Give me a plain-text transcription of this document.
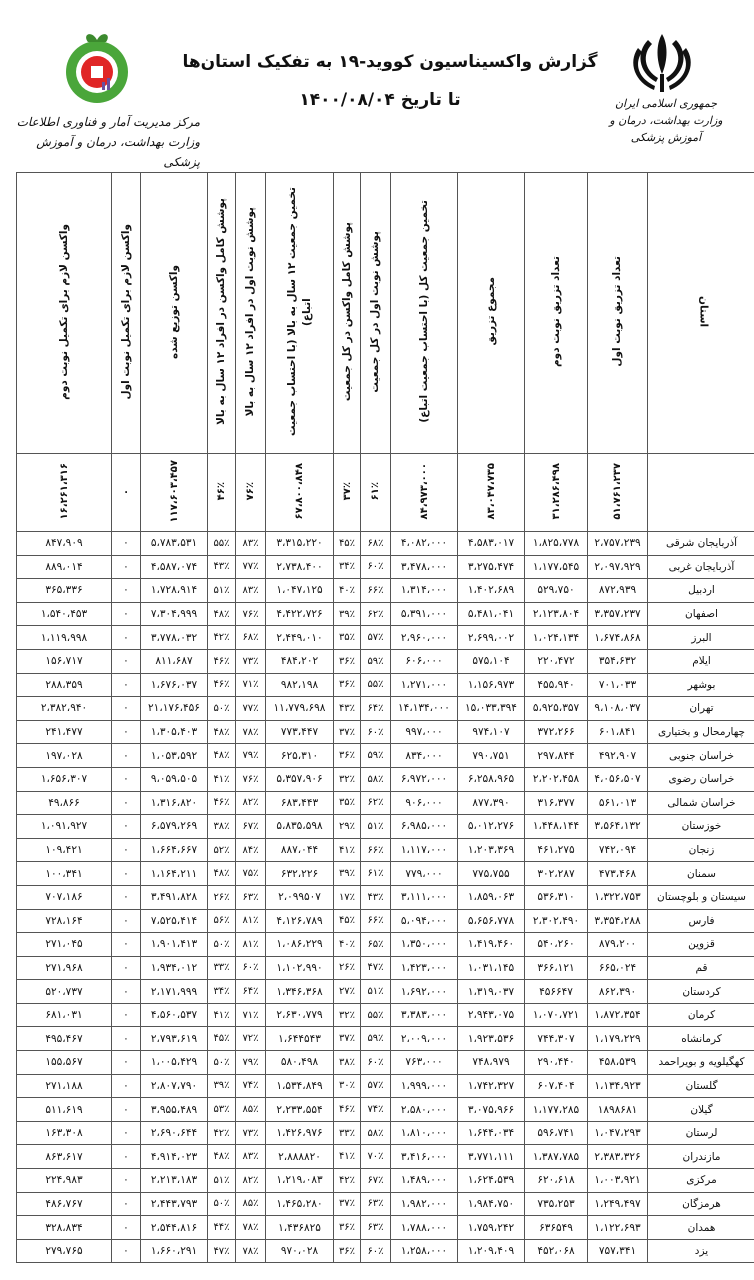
جمهوری اسلامی ایران
وزارت بهداشت، درمان و آموزش پزشکی
مرکز مدیریت آمار و فناوری اطلاعات
وزارت بهداشت، درمان و آموزش پزشکی
گزارش واکسیناسیون کووید-۱۹ به تفکیک استان‌ها
تا تاریخ ۱۴۰۰/۰۸/۰۴
استان	تعداد تزریق نوبت اول	تعداد تزریق نوبت دوم	مجموع تزریق	تخمین جمعیت کل (با احتساب جمعیت اتباع)	پوشش نوبت اول در کل جمعیت	پوشش کامل واکسن در کل جمعیت	تخمین جمعیت ۱۲ سال به بالا (با احتساب جمعیت اتباع)	پوشش نوبت اول در افراد ۱۲ سال به بالا	پوشش کامل واکسن در افراد ۱۲ سال به بالا	واکسن توزیع شده	واکسن لازم برای تکمیل نوبت اول	واکسن لازم برای تکمیل نوبت دوم
	۵۱،۷۶۱،۲۳۷	۳۱،۲۸۶،۴۹۸	۸۳،۰۴۷،۷۳۵	۸۴،۹۷۳،۰۰۰	۶۱٪	۳۷٪	۶۷،۸۰۰،۸۴۸	۷۶٪	۴۶٪	۱۱۷،۶۰۳،۴۵۷	۰	۱۶،۲۶۱،۳۱۶
آذربایجان شرقی	۲،۷۵۷،۲۳۹	۱،۸۲۵،۷۷۸	۴،۵۸۳،۰۱۷	۴،۰۸۲،۰۰۰	۶۸٪	۴۵٪	۳،۳۱۵،۲۲۰	۸۳٪	۵۵٪	۵،۷۸۳،۵۳۱	۰	۸۴۷،۹۰۹
آذربایجان غربی	۲،۰۹۷،۹۲۹	۱،۱۷۷،۵۴۵	۳،۲۷۵،۴۷۴	۳،۴۷۸،۰۰۰	۶۰٪	۳۴٪	۲،۷۳۸،۴۰۰	۷۷٪	۴۳٪	۴،۵۸۷،۰۷۴	۰	۸۸۹،۰۱۴
اردبیل	۸۷۲،۹۳۹	۵۲۹،۷۵۰	۱،۴۰۲،۶۸۹	۱،۳۱۴،۰۰۰	۶۶٪	۴۰٪	۱،۰۴۷،۱۲۵	۸۳٪	۵۱٪	۱،۷۲۸،۹۱۴	۰	۳۶۵،۳۳۶
اصفهان	۳،۳۵۷،۲۳۷	۲،۱۲۳،۸۰۴	۵،۴۸۱،۰۴۱	۵،۳۹۱،۰۰۰	۶۲٪	۳۹٪	۴،۴۲۲،۷۲۶	۷۶٪	۴۸٪	۷،۳۰۴،۹۹۹	۰	۱،۵۴۰،۴۵۳
البرز	۱،۶۷۴،۸۶۸	۱،۰۲۴،۱۳۴	۲،۶۹۹،۰۰۲	۲،۹۶۰،۰۰۰	۵۷٪	۳۵٪	۲،۴۴۹،۰۱۰	۶۸٪	۴۲٪	۳،۷۷۸،۰۳۲	۰	۱،۱۱۹،۹۹۸
ایلام	۳۵۴،۶۳۲	۲۲۰،۴۷۲	۵۷۵،۱۰۴	۶۰۶،۰۰۰	۵۹٪	۳۶٪	۴۸۴،۲۰۲	۷۳٪	۴۶٪	۸۱۱،۶۸۷	۰	۱۵۶،۷۱۷
بوشهر	۷۰۱،۰۳۳	۴۵۵،۹۴۰	۱،۱۵۶،۹۷۳	۱،۲۷۱،۰۰۰	۵۵٪	۳۶٪	۹۸۲،۱۹۸	۷۱٪	۴۶٪	۱،۶۷۶،۰۳۷	۰	۲۸۸،۳۵۹
تهران	۹،۱۰۸،۰۳۷	۵،۹۲۵،۳۵۷	۱۵،۰۳۳،۳۹۴	۱۴،۱۳۴،۰۰۰	۶۴٪	۴۳٪	۱۱،۷۷۹،۶۹۸	۷۷٪	۵۰٪	۲۱،۱۷۶،۴۵۶	۰	۲،۳۸۲،۹۴۰
چهارمحال و بختیاری	۶۰۱،۸۴۱	۳۷۲،۲۶۶	۹۷۴،۱۰۷	۹۹۷،۰۰۰	۶۰٪	۳۷٪	۷۷۳،۴۴۷	۷۸٪	۴۸٪	۱،۳۰۵،۴۰۳	۰	۲۴۱،۴۷۷
خراسان جنوبی	۴۹۲،۹۰۷	۲۹۷،۸۴۴	۷۹۰،۷۵۱	۸۳۴،۰۰۰	۵۹٪	۳۶٪	۶۲۵،۳۱۰	۷۹٪	۴۸٪	۱،۰۵۳،۵۹۲	۰	۱۹۷،۰۲۸
خراسان رضوی	۴،۰۵۶،۵۰۷	۲،۲۰۲،۴۵۸	۶،۲۵۸،۹۶۵	۶،۹۷۲،۰۰۰	۵۸٪	۳۲٪	۵،۳۵۷،۹۰۶	۷۶٪	۴۱٪	۹،۰۵۹،۵۰۵	۰	۱،۶۵۶،۳۰۷
خراسان شمالی	۵۶۱،۰۱۳	۳۱۶،۳۷۷	۸۷۷،۳۹۰	۹۰۶،۰۰۰	۶۲٪	۳۵٪	۶۸۳،۴۴۳	۸۲٪	۴۶٪	۱،۳۱۶،۸۲۰	۰	۴۹،۸۶۶
خوزستان	۳،۵۶۴،۱۳۲	۱،۴۴۸،۱۴۴	۵،۰۱۲،۲۷۶	۶،۹۸۵،۰۰۰	۵۱٪	۲۹٪	۵،۸۳۵،۵۹۸	۶۷٪	۳۸٪	۶،۵۷۹،۲۶۹	۰	۱،۰۹۱،۹۲۷
زنجان	۷۴۲،۰۹۴	۴۶۱،۲۷۵	۱،۲۰۳،۳۶۹	۱،۱۱۷،۰۰۰	۶۶٪	۴۱٪	۸۸۷،۰۴۴	۸۴٪	۵۲٪	۱،۶۶۴،۶۶۷	۰	۱۰۹،۴۲۱
سمنان	۴۷۳،۴۶۸	۳۰۲،۲۸۷	۷۷۵،۷۵۵	۷۷۹،۰۰۰	۶۱٪	۳۹٪	۶۳۲،۲۲۶	۷۵٪	۴۸٪	۱،۱۶۴،۲۱۱	۰	۱۰۰،۳۴۱
سیستان و بلوچستان	۱،۳۲۲،۷۵۳	۵۳۶،۳۱۰	۱،۸۵۹،۰۶۳	۳،۱۱۱،۰۰۰	۴۳٪	۱۷٪	۲،۰۹۹۵۰۷	۶۳٪	۲۶٪	۳،۴۹۱،۸۲۸	۰	۷۰۷،۱۸۶
فارس	۳،۳۵۴،۲۸۸	۲،۳۰۲،۴۹۰	۵،۶۵۶،۷۷۸	۵،۰۹۴،۰۰۰	۶۶٪	۴۵٪	۴،۱۲۶،۷۸۹	۸۱٪	۵۶٪	۷،۵۲۵،۴۱۴	۰	۷۲۸،۱۶۴
قزوین	۸۷۹،۲۰۰	۵۴۰،۲۶۰	۱،۴۱۹،۴۶۰	۱،۳۵۰،۰۰۰	۶۵٪	۴۰٪	۱،۰۸۶،۲۲۹	۸۱٪	۵۰٪	۱،۹۰۱،۴۱۳	۰	۲۷۱،۰۴۵
قم	۶۶۵،۰۲۴	۳۶۶،۱۲۱	۱،۰۳۱،۱۴۵	۱،۴۲۳،۰۰۰	۴۷٪	۲۶٪	۱،۱۰۲،۹۹۰	۶۰٪	۳۳٪	۱،۹۳۴،۰۱۲	۰	۲۷۱،۹۶۸
کردستان	۸۶۲،۳۹۰	۴۵۶۶۴۷	۱،۳۱۹،۰۳۷	۱،۶۹۲،۰۰۰	۵۱٪	۲۷٪	۱،۳۴۶،۳۶۸	۶۴٪	۳۴٪	۲،۱۷۱،۹۹۹	۰	۵۲۰،۷۳۷
کرمان	۱،۸۷۲،۳۵۴	۱،۰۷۰،۷۲۱	۲،۹۴۳،۰۷۵	۳،۳۸۳،۰۰۰	۵۵٪	۳۲٪	۲،۶۳۰،۷۷۹	۷۱٪	۴۱٪	۴،۵۶۰،۵۳۷	۰	۶۸۱،۰۳۱
کرمانشاه	۱،۱۷۹،۲۲۹	۷۴۴،۳۰۷	۱،۹۲۳،۵۳۶	۲،۰۰۹،۰۰۰	۵۹٪	۳۷٪	۱،۶۴۴۵۴۳	۷۲٪	۴۵٪	۲،۷۹۳،۶۱۹	۰	۴۹۵،۴۶۷
کهگیلویه و بویراحمد	۴۵۸،۵۳۹	۲۹۰،۴۴۰	۷۴۸،۹۷۹	۷۶۳،۰۰۰	۶۰٪	۳۸٪	۵۸۰،۴۹۸	۷۹٪	۵۰٪	۱،۰۰۵،۴۲۹	۰	۱۵۵،۵۶۷
گلستان	۱،۱۳۴،۹۲۳	۶۰۷،۴۰۴	۱،۷۴۲،۳۲۷	۱،۹۹۹،۰۰۰	۵۷٪	۳۰٪	۱،۵۳۴،۸۴۹	۷۴٪	۳۹٪	۲،۸۰۷،۷۹۰	۰	۲۷۱،۱۸۸
گیلان	۱۸۹۸۶۸۱	۱،۱۷۷،۲۸۵	۳،۰۷۵،۹۶۶	۲،۵۸۰،۰۰۰	۷۴٪	۴۶٪	۲،۲۳۳،۵۵۴	۸۵٪	۵۳٪	۳،۹۵۵،۴۸۹	۰	۵۱۱،۶۱۹
لرستان	۱،۰۴۷،۲۹۳	۵۹۶،۷۴۱	۱،۶۴۴،۰۳۴	۱،۸۱۰،۰۰۰	۵۸٪	۳۳٪	۱،۴۲۶،۹۷۶	۷۳٪	۴۲٪	۲،۶۹۰،۶۴۴	۰	۱۶۳،۳۰۸
مازندران	۲،۳۸۳،۳۲۶	۱،۳۸۷،۷۸۵	۳،۷۷۱،۱۱۱	۳،۴۱۶،۰۰۰	۷۰٪	۴۱٪	۲،۸۸۸۸۲۰	۸۳٪	۴۸٪	۴،۹۱۴،۰۲۳	۰	۸۶۳،۶۱۷
مرکزی	۱،۰۰۳،۹۲۱	۶۲۰،۶۱۸	۱،۶۲۴،۵۳۹	۱،۴۸۹،۰۰۰	۶۷٪	۴۲٪	۱،۲۱۹،۰۸۳	۸۲٪	۵۱٪	۲،۲۱۳،۱۸۳	۰	۲۲۴،۹۸۳
هرمزگان	۱،۲۴۹،۴۹۷	۷۳۵،۲۵۳	۱،۹۸۴،۷۵۰	۱،۹۸۲،۰۰۰	۶۳٪	۳۷٪	۱،۴۶۵،۲۸۰	۸۵٪	۵۰٪	۲،۴۴۳،۷۹۳	۰	۴۸۶،۷۶۷
همدان	۱،۱۲۲،۶۹۳	۶۳۶۵۴۹	۱،۷۵۹،۲۴۲	۱،۷۸۸،۰۰۰	۶۳٪	۳۶٪	۱،۴۳۶۸۲۵	۷۸٪	۴۴٪	۲،۵۴۴،۸۱۶	۰	۳۲۸،۸۳۴
یزد	۷۵۷،۳۴۱	۴۵۲،۰۶۸	۱،۲۰۹،۴۰۹	۱،۲۵۸،۰۰۰	۶۰٪	۳۶٪	۹۷۰،۰۲۸	۷۸٪	۴۷٪	۱،۶۶۰،۲۹۱	۰	۲۷۹،۷۶۵
